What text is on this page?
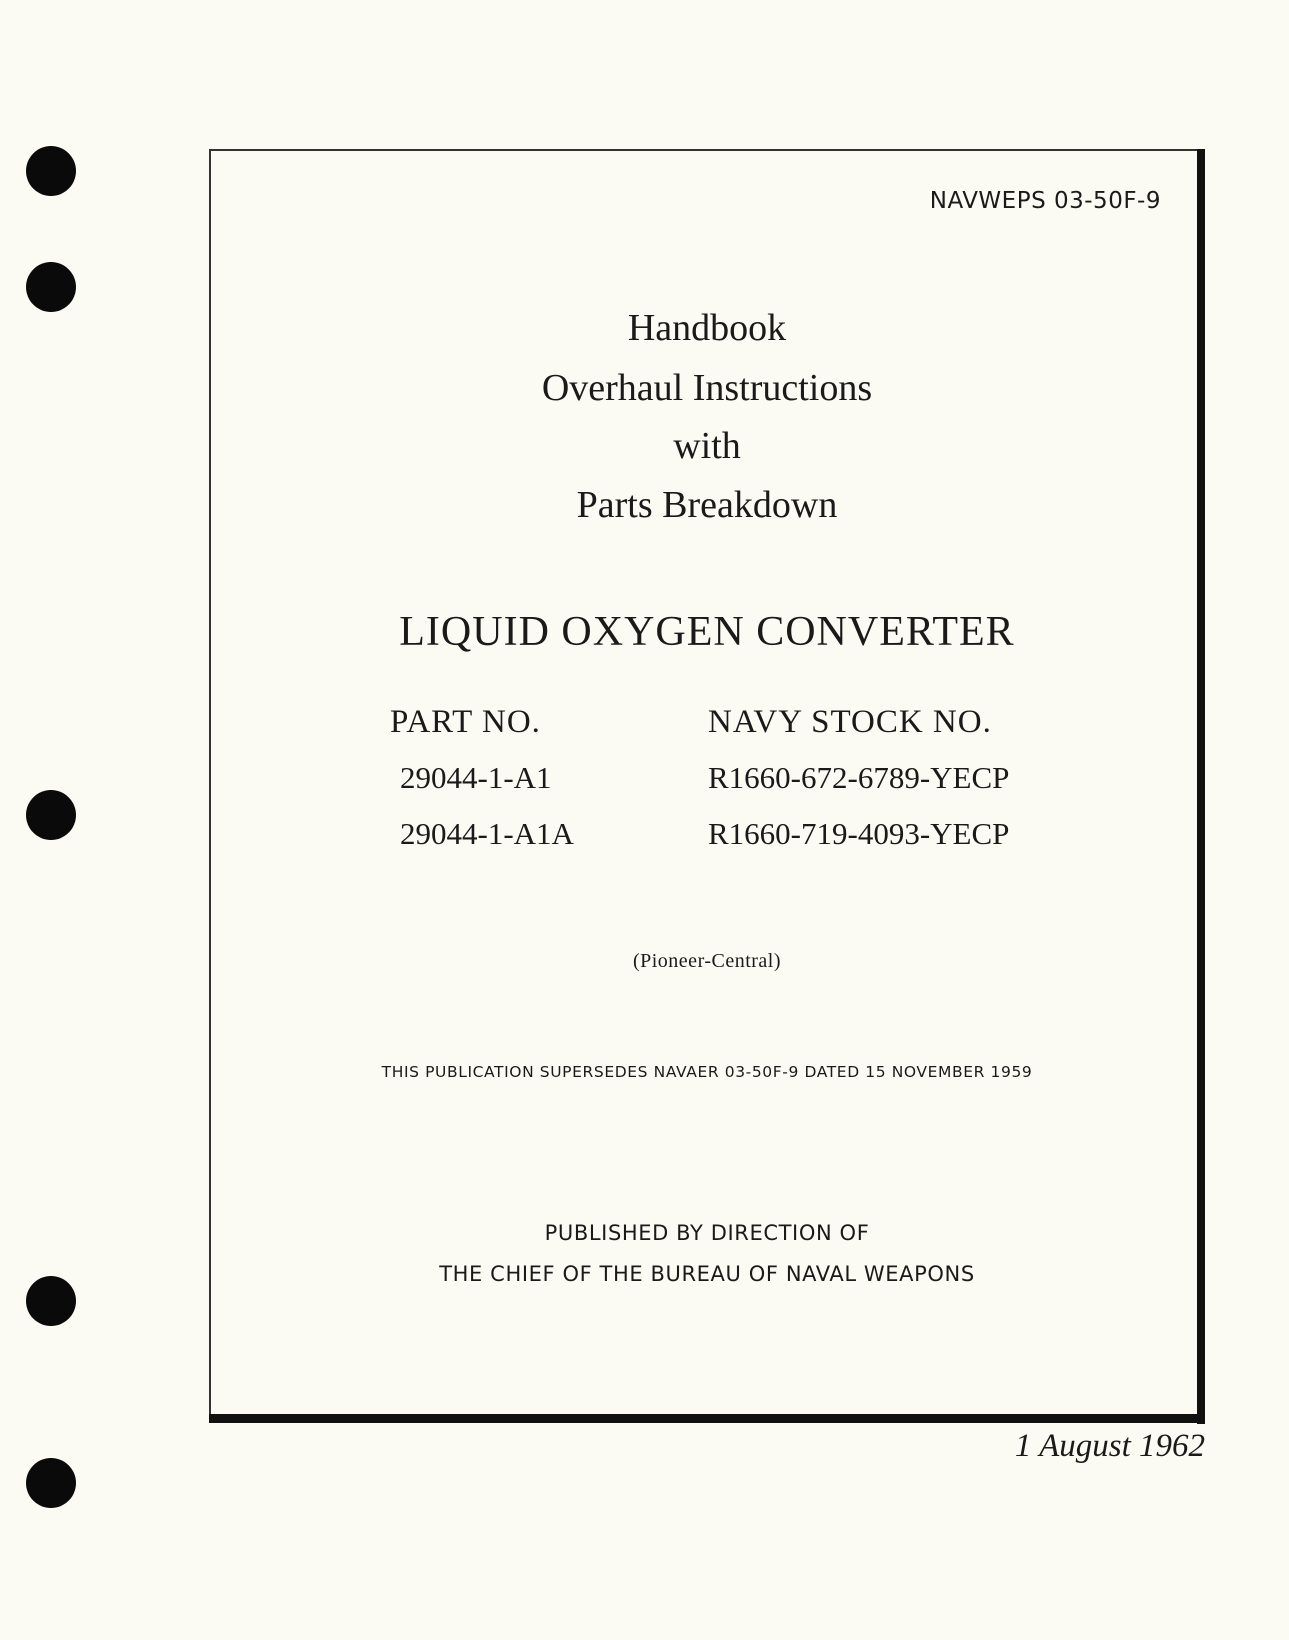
NAVWEPS 03-50F-9
Handbook
Overhaul Instructions
with
Parts Breakdown
LIQUID OXYGEN CONVERTER
PART NO.	NAVY STOCK NO.
29044-1-A1	R1660-672-6789-YECP
29044-1-A1A	R1660-719-4093-YECP
(Pioneer-Central)
THIS PUBLICATION SUPERSEDES NAVAER 03-50F-9 DATED 15 NOVEMBER 1959
PUBLISHED BY DIRECTION OF
THE CHIEF OF THE BUREAU OF NAVAL WEAPONS
1 August 1962
